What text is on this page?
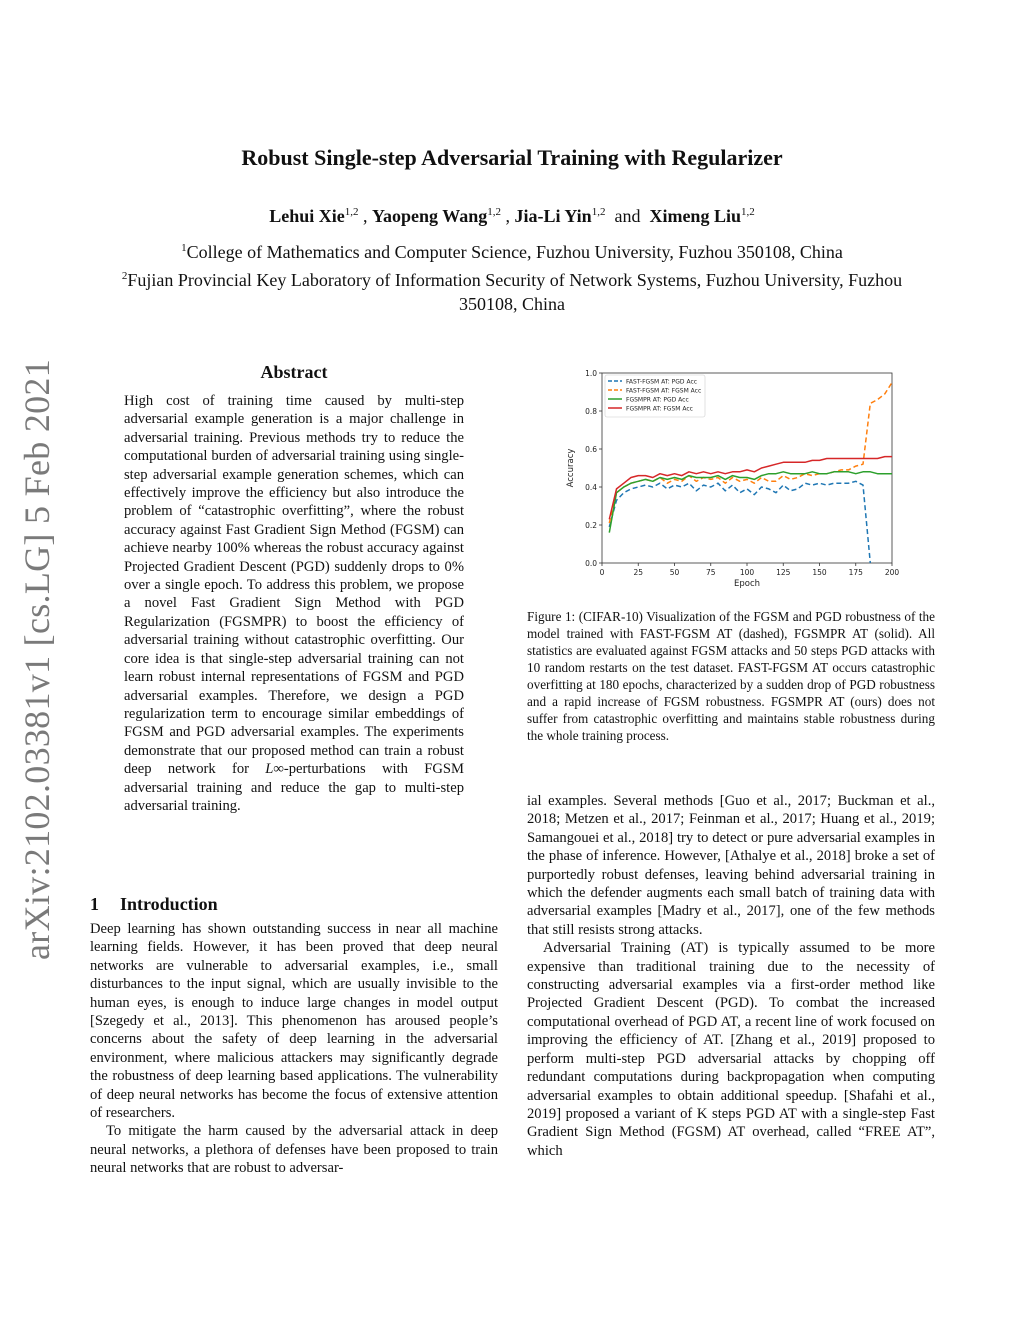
arXiv:2102.03381v1 [cs.LG] 5 Feb 2021
Robust Single-step Adversarial Training with Regularizer
Lehui Xie$^{1,2}$ , Yaopeng Wang$^{1,2}$ , Jia-Li Yin$^{1,2}$ and Ximeng Liu$^{1,2}$
$^1$College of Mathematics and Computer Science, Fuzhou University, Fuzhou 350108, China
$^2$Fujian Provincial Key Laboratory of Information Security of Network Systems, Fuzhou University, Fuzhou 350108, China
Abstract
High cost of training time caused by multi-step adversarial example generation is a major challenge in adversarial training. Previous methods try to reduce the computational burden of adversarial training using single-step adversarial example generation schemes, which can effectively improve the efficiency but also introduce the problem of “catastrophic overfitting”, where the robust accuracy against Fast Gradient Sign Method (FGSM) can achieve nearby 100% whereas the robust accuracy against Projected Gradient Descent (PGD) suddenly drops to 0% over a single epoch. To address this problem, we propose a novel Fast Gradient Sign Method with PGD Regularization (FGSMPR) to boost the efficiency of adversarial training without catastrophic overfitting. Our core idea is that single-step adversarial training can not learn robust internal representations of FGSM and PGD adversarial examples. Therefore, we design a PGD regularization term to encourage similar embeddings of FGSM and PGD adversarial examples. The experiments demonstrate that our proposed method can train a robust deep network for L∞-perturbations with FGSM adversarial training and reduce the gap to multi-step adversarial training.
1 Introduction

Deep learning has shown outstanding success in near all machine learning fields. However, it has been proved that deep neural networks are vulnerable to adversarial examples, i.e., small disturbances to the input signal, which are usually invisible to the human eyes, is enough to induce large changes in model output [Szegedy et al., 2013]. This phenomenon has aroused people’s concerns about the safety of deep learning in the adversarial environment, where malicious attackers may significantly degrade the robustness of deep learning based applications. The vulnerability of deep neural networks has become the focus of extensive attention of researchers.

To mitigate the harm caused by the adversarial attack in deep neural networks, a plethora of defenses have been proposed to train neural networks that are robust to adversar-

0.0
0.2
0.4
0.6
0.8
1.0
0	25	50	75	100	125	150	175	200
Epoch
Accuracy
FAST-FGSM AT: PGD Acc
FAST-FGSM AT: FGSM Acc
FGSMPR AT: PGD Acc
FGSMPR AT: FGSM Acc
Figure 1: (CIFAR-10) Visualization of the FGSM and PGD robustness of the model trained with FAST-FGSM AT (dashed), FGSMPR AT (solid). All statistics are evaluated against FGSM attacks and 50 steps PGD attacks with 10 random restarts on the test dataset. FAST-FGSM AT occurs catastrophic overfitting at 180 epochs, characterized by a sudden drop of PGD robustness and a rapid increase of FGSM robustness. FGSMPR AT (ours) does not suffer from catastrophic overfitting and maintains stable robustness during the whole training process.

ial examples. Several methods [Guo et al., 2017; Buckman et al., 2018; Metzen et al., 2017; Feinman et al., 2017; Huang et al., 2019; Samangouei et al., 2018] try to detect or pure adversarial examples in the phase of inference. However, [Athalye et al., 2018] broke a set of purportedly robust defenses, leaving behind adversarial training in which the defender augments each small batch of training data with adversarial examples [Madry et al., 2017], one of the few methods that still resists strong attacks.

Adversarial Training (AT) is typically assumed to be more expensive than traditional training due to the necessity of constructing adversarial examples via a first-order method like Projected Gradient Descent (PGD). To combat the increased computational overhead of PGD AT, a recent line of work focused on improving the efficiency of AT. [Zhang et al., 2019] proposed to perform multi-step PGD adversarial attacks by chopping off redundant computations during backpropagation when computing adversarial examples to obtain additional speedup. [Shafahi et al., 2019] proposed a variant of K steps PGD AT with a single-step Fast Gradient Sign Method (FGSM) AT overhead, called “FREE AT”, which
